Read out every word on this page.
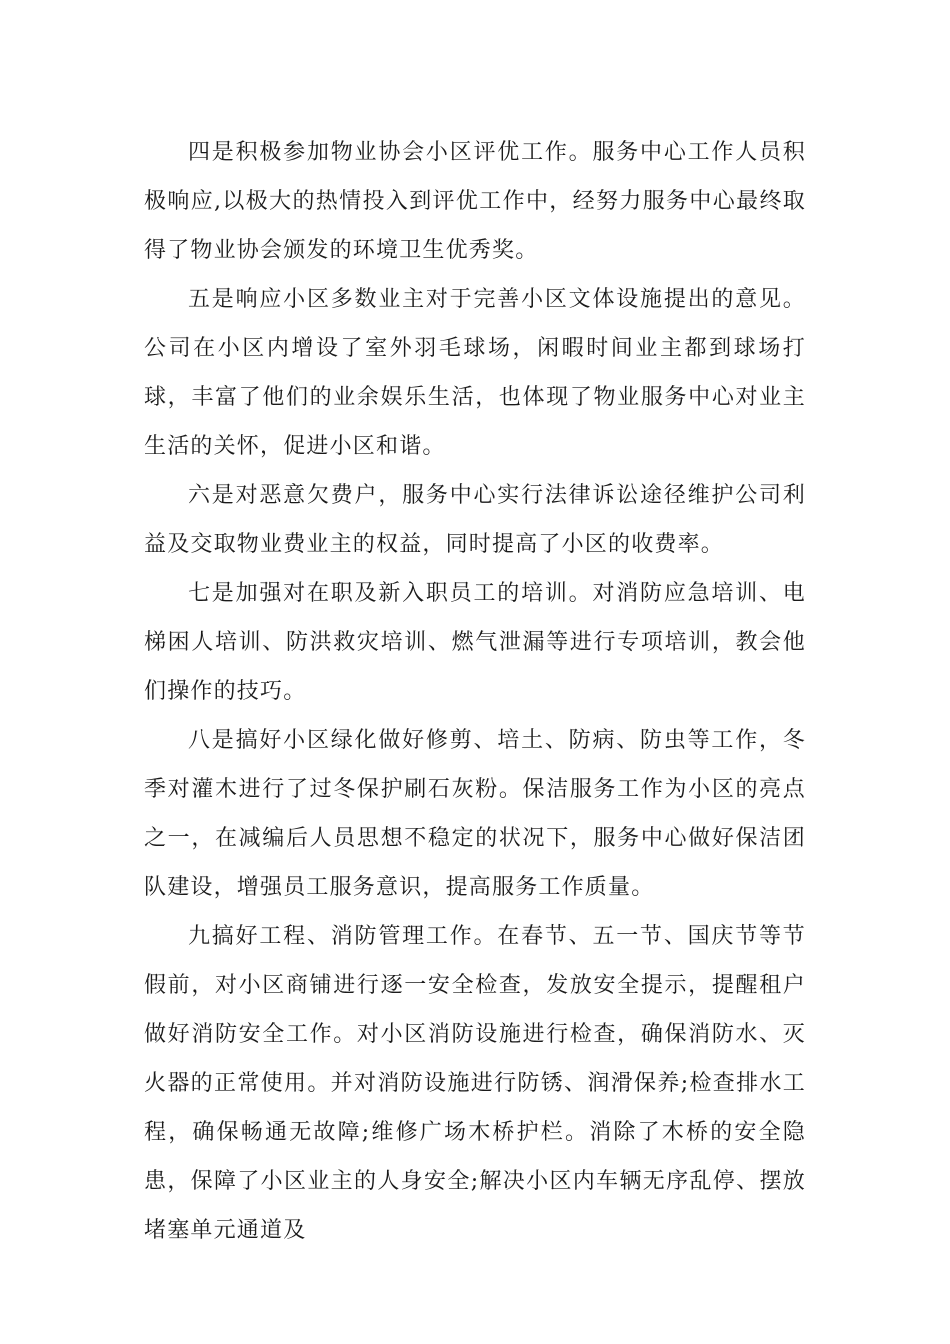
四是积极参加物业协会小区评优工作。服务中心工作人员积极响应,以极大的热情投入到评优工作中，经努力服务中心最终取得了物业协会颁发的环境卫生优秀奖。

五是响应小区多数业主对于完善小区文体设施提出的意见。公司在小区内增设了室外羽毛球场，闲暇时间业主都到球场打球，丰富了他们的业余娱乐生活，也体现了物业服务中心对业主生活的关怀，促进小区和谐。

六是对恶意欠费户，服务中心实行法律诉讼途径维护公司利益及交取物业费业主的权益，同时提高了小区的收费率。

七是加强对在职及新入职员工的培训。对消防应急培训、电梯困人培训、防洪救灾培训、燃气泄漏等进行专项培训，教会他们操作的技巧。

八是搞好小区绿化做好修剪、培土、防病、防虫等工作，冬季对灌木进行了过冬保护刷石灰粉。保洁服务工作为小区的亮点之一，在减编后人员思想不稳定的状况下，服务中心做好保洁团队建设，增强员工服务意识，提高服务工作质量。

九搞好工程、消防管理工作。在春节、五一节、国庆节等节假前，对小区商铺进行逐一安全检查，发放安全提示，提醒租户做好消防安全工作。对小区消防设施进行检查，确保消防水、灭火器的正常使用。并对消防设施进行防锈、润滑保养;检查排水工程，确保畅通无故障;维修广场木桥护栏。消除了木桥的安全隐患，保障了小区业主的人身安全;解决小区内车辆无序乱停、摆放堵塞单元通道及
